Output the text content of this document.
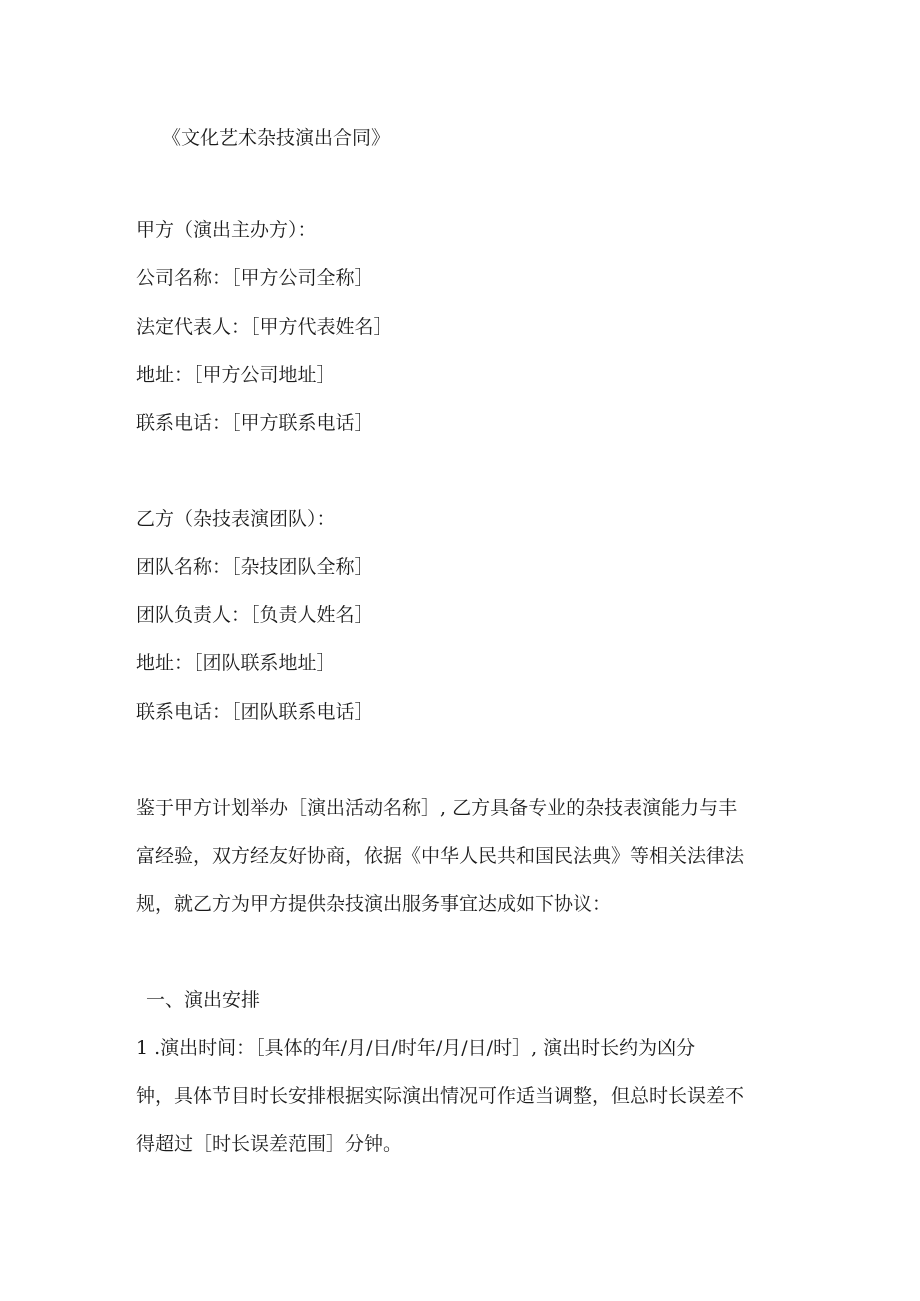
《文化艺术杂技演出合同》

甲方（演出主办方）：

公司名称：［甲方公司全称］

法定代表人：［甲方代表姓名］

地址：［甲方公司地址］

联系电话：［甲方联系电话］

乙方（杂技表演团队）：

团队名称：［杂技团队全称］

团队负责人：［负责人姓名］

地址：［团队联系地址］

联系电话：［团队联系电话］

鉴于甲方计划举办［演出活动名称］, 乙方具备专业的杂技表演能力与丰

富经验，双方经友好协商，依据《中华人民共和国民法典》等相关法律法

规，就乙方为甲方提供杂技演出服务事宜达成如下协议：

一、演出安排

1 .演出时间：［具体的年/月/日/时年/月/日/时］, 演出时长约为凶分

钟，具体节目时长安排根据实际演出情况可作适当调整，但总时长误差不

得超过［时长误差范围］分钟。
